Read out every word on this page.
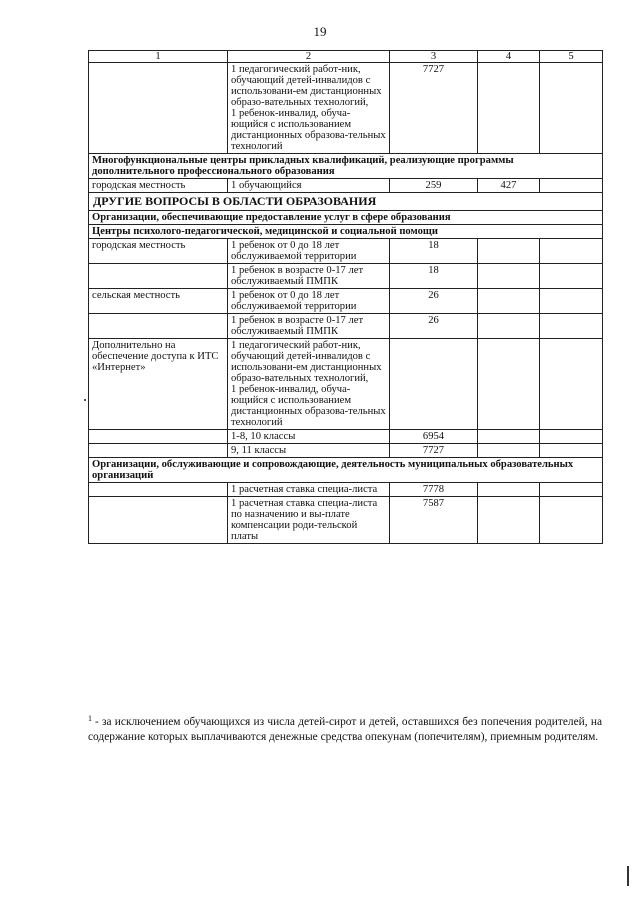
19
1	2	3	4	5
	1 педагогический работ-ник, обучающий детей-инвалидов с использовани-ем дистанционных образо-вательных технологий,
1 ребенок-инвалид, обуча-ющийся с использованием дистанционных образова-тельных технологий	7727		
Многофункциональные центры прикладных квалификаций, реализующие программы дополнительного профессионального образования				
городская местность	1 обучающийся	259	427	
ДРУГИЕ ВОПРОСЫ В ОБЛАСТИ ОБРАЗОВАНИЯ				
Организации, обеспечивающие предоставление услуг в сфере образования				
Центры психолого-педагогической, медицинской и социальной помощи				
городская местность	1 ребенок от 0 до 18 лет обслуживаемой территории	18		
	1 ребенок в возрасте 0-17 лет обслуживаемый ПМПК	18		
сельская местность	1 ребенок от 0 до 18 лет обслуживаемой территории	26		
	1 ребенок в возрасте 0-17 лет обслуживаемый ПМПК	26		
Дополнительно на обеспечение доступа к ИТС «Интернет»	1 педагогический работ-ник, обучающий детей-инвалидов с использовани-ем дистанционных образо-вательных технологий,
1 ребенок-инвалид, обуча-ющийся с использованием дистанционных образова-тельных технологий			
	1-8, 10 классы	6954		
	9, 11 классы	7727		
Организации, обслуживающие и сопровождающие, деятельность муниципальных образовательных организаций				
	1 расчетная ставка специа-листа	7778		
	1 расчетная ставка специа-листа по назначению и вы-плате компенсации роди-тельской платы	7587		
$^1$ - за исключением обучающихся из числа детей-сирот и детей, оставшихся без попечения родителей, на содержание которых выплачиваются денежные средства опекунам (попечителям), приемным родителям.
